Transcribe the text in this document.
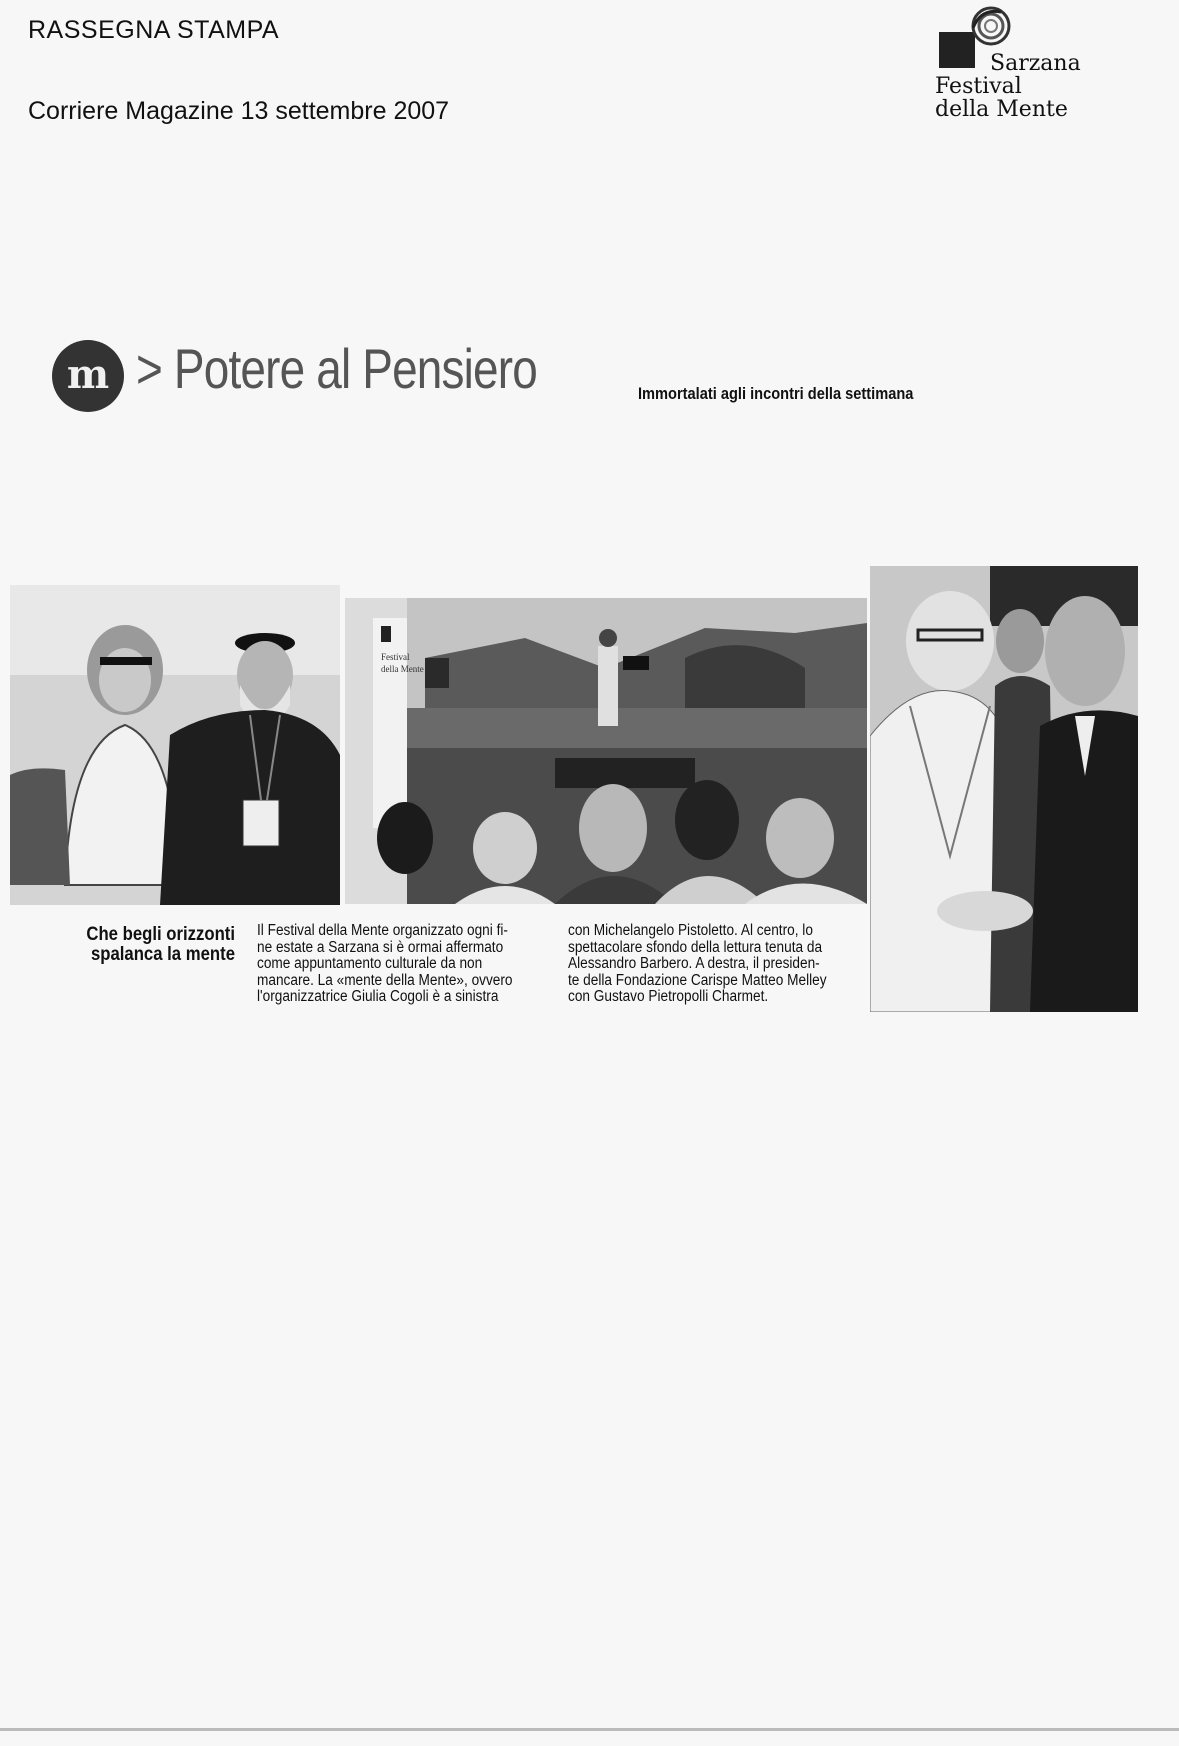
RASSEGNA STAMPA
Corriere Magazine 13 settembre 2007
Sarzana
Festival
della Mente
m > Potere al Pensiero	Immortalati agli incontri della settimana
Festival
della Mente
Che begli orizzonti
spalanca la mente
Il Festival della Mente organizzato ogni fi-
ne estate a Sarzana si è ormai affermato
come appuntamento culturale da non
mancare. La «mente della Mente», ovvero
l'organizzatrice Giulia Cogoli è a sinistra
con Michelangelo Pistoletto. Al centro, lo
spettacolare sfondo della lettura tenuta da
Alessandro Barbero. A destra, il presiden-
te della Fondazione Carispe Matteo Melley
con Gustavo Pietropolli Charmet.
